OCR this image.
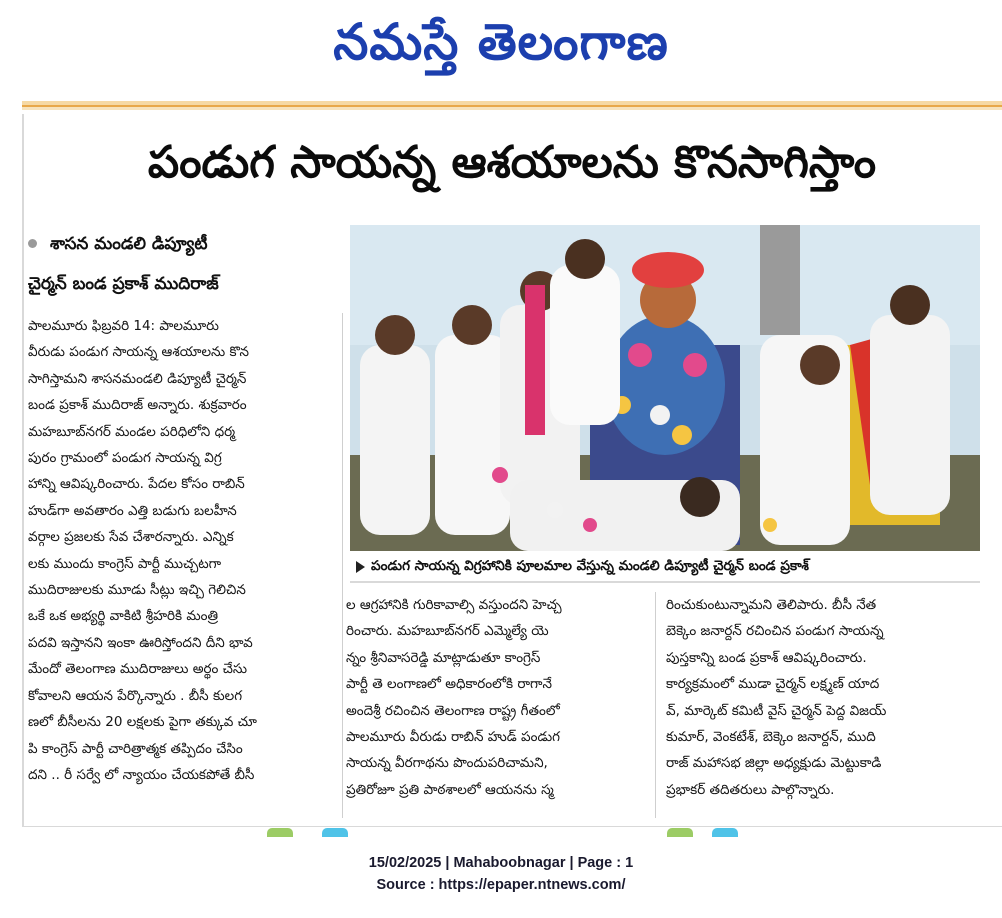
నమస్తే తెలంగాణ
పండుగ సాయన్న ఆశయాలను కొనసాగిస్తాం
శాసన మండలి డిప్యూటీ
చైర్మన్ బండ ప్రకాశ్ ముదిరాజ్
పాలమూరు ఫిబ్రవరి 14: పాలమూరు
వీరుడు పండుగ సాయన్న ఆశయాలను కొన
సాగిస్తామని శాసనమండలి డిప్యూటీ చైర్మన్
బండ ప్రకాశ్ ముదిరాజ్ అన్నారు. శుక్రవారం
మహబూబ్‌నగర్ మండల పరిధిలోని ధర్మ
పురం గ్రామంలో పండుగ సాయన్న విగ్ర
హాన్ని ఆవిష్కరించారు. పేదల కోసం రాబిన్
హుడ్‌గా అవతారం ఎత్తి బడుగు బలహీన
వర్గాల ప్రజలకు సేవ చేశారన్నారు. ఎన్నిక
లకు ముందు కాంగ్రెస్ పార్టీ ముచ్చటగా
ముదిరాజులకు మూడు సీట్లు ఇచ్చి గెలిచిన
ఒకే ఒక అభ్యర్థి వాకిటి శ్రీహరికి మంత్రి
పదవి ఇస్తానని ఇంకా ఊరిస్తోందని దీని భావ
మేందో తెలంగాణ ముదిరాజులు అర్థం చేసు
కోవాలని ఆయన పేర్కొన్నారు . బీసీ కులగ
ణలో బీసీలను 20 లక్షలకు పైగా తక్కువ చూ
పి కాంగ్రెస్ పార్టీ చారిత్రాత్మక తప్పిదం చేసిం
దని .. రీ సర్వే లో న్యాయం చేయకపోతే బీసీ
పండుగ సాయన్న విగ్రహానికి పూలమాల వేస్తున్న మండలి డిప్యూటీ చైర్మన్ బండ ప్రకాశ్
ల ఆగ్రహానికి గురికావాల్సి వస్తుందని హెచ్చ
రించారు. మహబూబ్‌నగర్ ఎమ్మెల్యే యె
న్నం శ్రీనివాసరెడ్డి మాట్లాడుతూ కాంగ్రెస్
పార్టీ తె లంగాణలో అధికారంలోకి రాగానే
అందెశ్రీ రచించిన తెలంగాణ రాష్ట్ర గీతంలో
పాలమూరు వీరుడు రాబిన్ హుడ్ పండుగ
సాయన్న వీరగాథను పొందుపరిచామని,
ప్రతిరోజూ ప్రతి పాఠశాలలో ఆయనను స్మ
రించుకుంటున్నామని తెలిపారు. బీసీ నేత
బెక్కెం జనార్దన్ రచించిన పండుగ సాయన్న
పుస్తకాన్ని బండ ప్రకాశ్ ఆవిష్కరించారు.
కార్యక్రమంలో ముడా చైర్మన్ లక్ష్మణ్ యాద
వ్, మార్కెట్ కమిటీ వైస్ చైర్మన్ పెద్ద విజయ్
కుమార్, వెంకటేశ్, బెక్కెం జనార్దన్, ముది
రాజ్ మహాసభ జిల్లా అధ్యక్షుడు మెట్టుకాడి
ప్రభాకర్ తదితరులు పాల్గొన్నారు.
15/02/2025 | Mahaboobnagar | Page : 1
Source : https://epaper.ntnews.com/
